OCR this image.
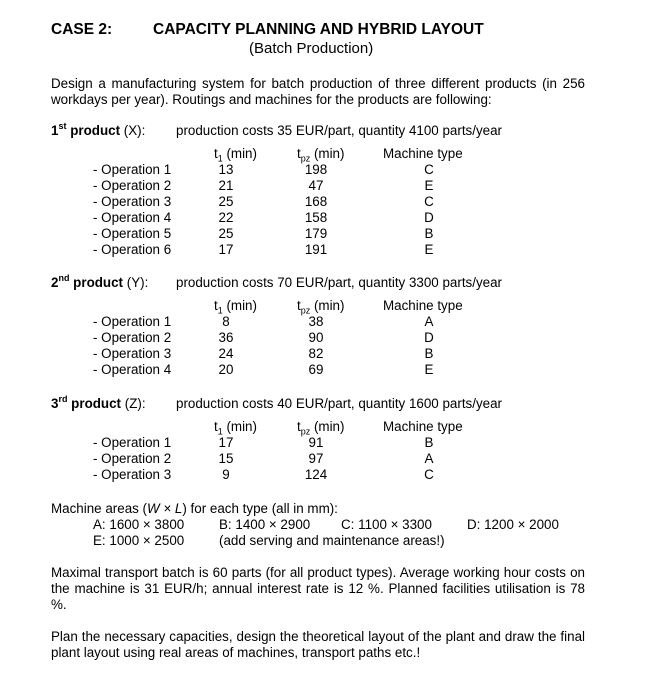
CASE 2:	CAPACITY PLANNING AND HYBRID LAYOUT
(Batch Production)
Design a manufacturing system for batch production of three different products (in 256 workdays per year). Routings and machines for the products are following:
1st product (X): production costs 35 EUR/part, quantity 4100 parts/year
$t_1$ (min)	$t_{pz}$ (min)	Machine type
- Operation 1	13	198	C
- Operation 2	21	47	E
- Operation 3	25	168	C
- Operation 4	22	158	D
- Operation 5	25	179	B
- Operation 6	17	191	E
2nd product (Y): production costs 70 EUR/part, quantity 3300 parts/year
$t_1$ (min)	$t_{pz}$ (min)	Machine type
- Operation 1	8	38	A
- Operation 2	36	90	D
- Operation 3	24	82	B
- Operation 4	20	69	E
3rd product (Z): production costs 40 EUR/part, quantity 1600 parts/year
$t_1$ (min)	$t_{pz}$ (min)	Machine type
- Operation 1	17	91	B
- Operation 2	15	97	A
- Operation 3	9	124	C
Machine areas (W × L) for each type (all in mm):
A: 1600 × 3800	B: 1400 × 2900 C: 1100 × 3300	D: 1200 × 2000
E: 1000 × 2500	(add serving and maintenance areas!)
Maximal transport batch is 60 parts (for all product types). Average working hour costs on the machine is 31 EUR/h; annual interest rate is 12 %. Planned facilities utilisation is 78 %.
Plan the necessary capacities, design the theoretical layout of the plant and draw the final plant layout using real areas of machines, transport paths etc.!
